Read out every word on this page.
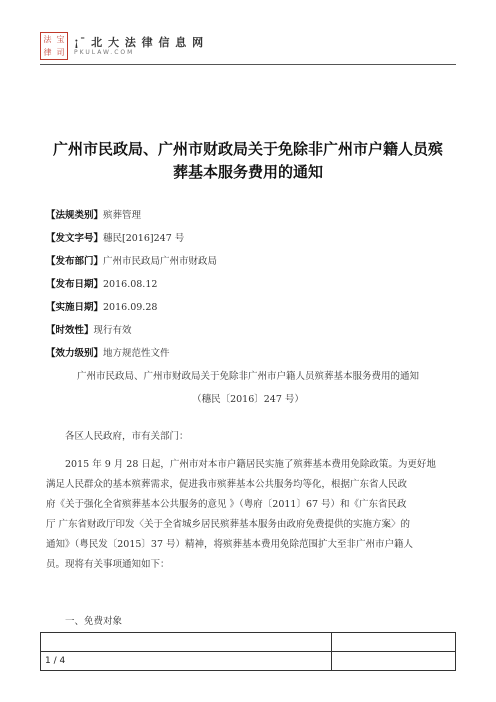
法 宝
律 司
¡¯ 北 大 法 律 信 息 网
PKULAW.COM
广州市民政局、广州市财政局关于免除非广州市户籍人员殡
葬基本服务费用的通知
【法规类别】殡葬管理
【发文字号】穗民[2016]247 号
【发布部门】广州市民政局广州市财政局
【发布日期】2016.08.12
【实施日期】2016.09.28
【时效性】现行有效
【效力级别】地方规范性文件
广州市民政局、广州市财政局关于免除非广州市户籍人员殡葬基本服务费用的通知
（穗民〔2016〕247 号）
各区人民政府，市有关部门：
2015 年 9 月 28 日起，广州市对本市户籍居民实施了殡葬基本费用免除政策。为更好地
满足人民群众的基本殡葬需求，促进我市殡葬基本公共服务均等化，根据广东省人民政
府《关于强化全省殡葬基本公共服务的意见 》（粤府〔2011〕67 号）和《广东省民政
厅 广东省财政厅印发〈关于全省城乡居民殡葬基本服务由政府免费提供的实施方案〉的
通知》（粤民发〔2015〕37 号）精神，将殡葬基本费用免除范围扩大至非广州市户籍人
员。现将有关事项通知如下：
一、免费对象

1 / 4	
